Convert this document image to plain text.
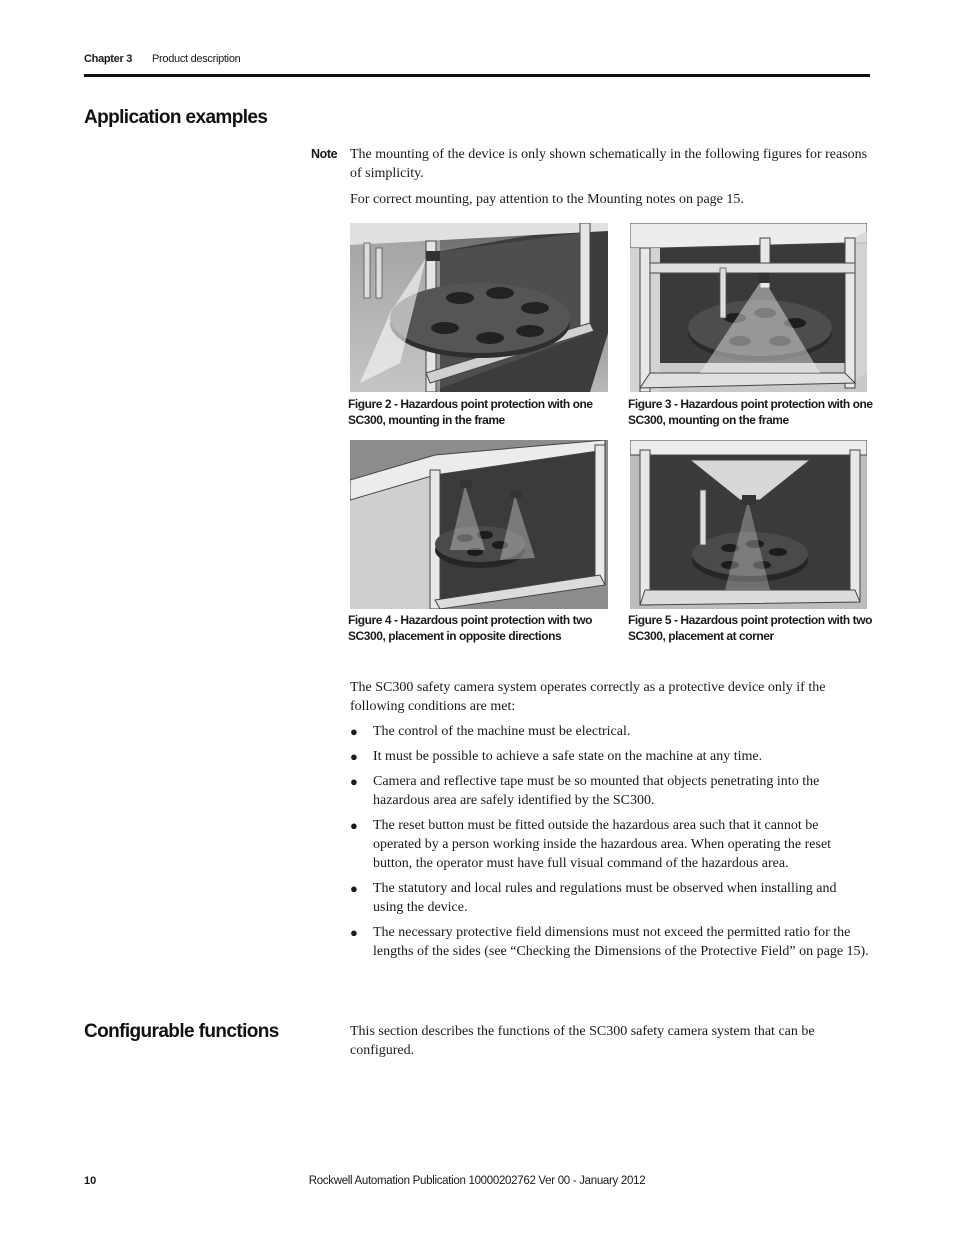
Chapter 3 Product description
Application examples
Note The mounting of the device is only shown schematically in the following figures for reasons of simplicity.
For correct mounting, pay attention to the Mounting notes on page 15.
Figure 2 - Hazardous point protection with one SC300, mounting in the frame
Figure 3 - Hazardous point protection with one SC300, mounting on the frame
Figure 4 - Hazardous point protection with two SC300, placement in opposite directions
Figure 5 - Hazardous point protection with two SC300, placement at corner
The SC300 safety camera system operates correctly as a protective device only if the following conditions are met:
● The control of the machine must be electrical.
● It must be possible to achieve a safe state on the machine at any time.
● Camera and reflective tape must be so mounted that objects penetrating into the hazardous area are safely identified by the SC300.
● The reset button must be fitted outside the hazardous area such that it cannot be operated by a person working inside the hazardous area. When operating the reset button, the operator must have full visual command of the hazardous area.
● The statutory and local rules and regulations must be observed when installing and using the device.
● The necessary protective field dimensions must not exceed the permitted ratio for the lengths of the sides (see “Checking the Dimensions of the Protective Field” on page 15).
Configurable functions	This section describes the functions of the SC300 safety camera system that can be configured.
10	Rockwell Automation Publication 10000202762 Ver 00 - January 2012
